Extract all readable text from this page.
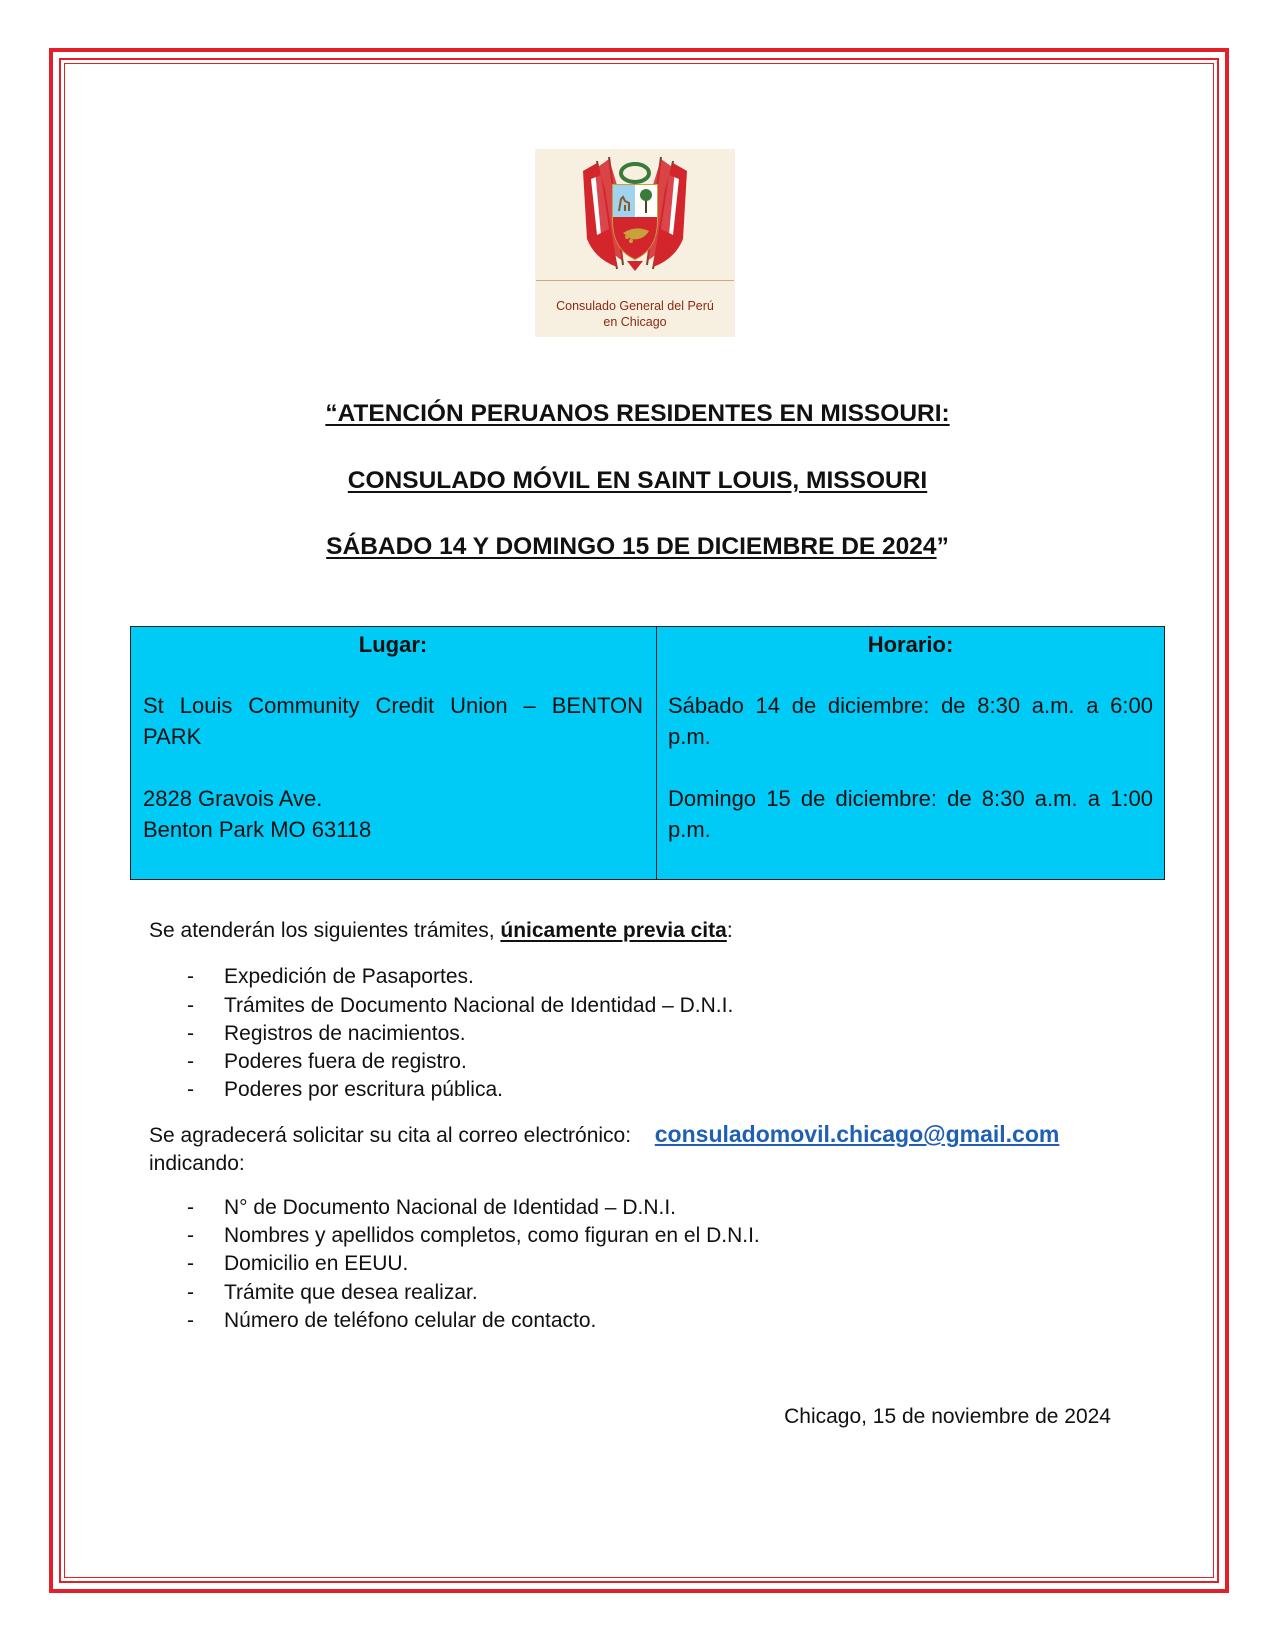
Consulado General del Perú
en Chicago
“ATENCIÓN PERUANOS RESIDENTES EN MISSOURI:
CONSULADO MÓVIL EN SAINT LOUIS, MISSOURI
SÁBADO 14 Y DOMINGO 15 DE DICIEMBRE DE 2024”
Lugar:
St Louis Community Credit Union – BENTON PARK
2828 Gravois Ave.
Benton Park MO 63118
Horario:
Sábado 14 de diciembre: de 8:30 a.m. a 6:00 p.m.
Domingo 15 de diciembre: de 8:30 a.m. a 1:00 p.m.
Se atenderán los siguientes trámites, únicamente previa cita:
- Expedición de Pasaportes.
- Trámites de Documento Nacional de Identidad – D.N.I.
- Registros de nacimientos.
- Poderes fuera de registro.
- Poderes por escritura pública.
Se agradecerá solicitar su cita al correo electrónico: consuladomovil.chicago@gmail.com
indicando:
- N° de Documento Nacional de Identidad – D.N.I.
- Nombres y apellidos completos, como figuran en el D.N.I.
- Domicilio en EEUU.
- Trámite que desea realizar.
- Número de teléfono celular de contacto.
Chicago, 15 de noviembre de 2024
